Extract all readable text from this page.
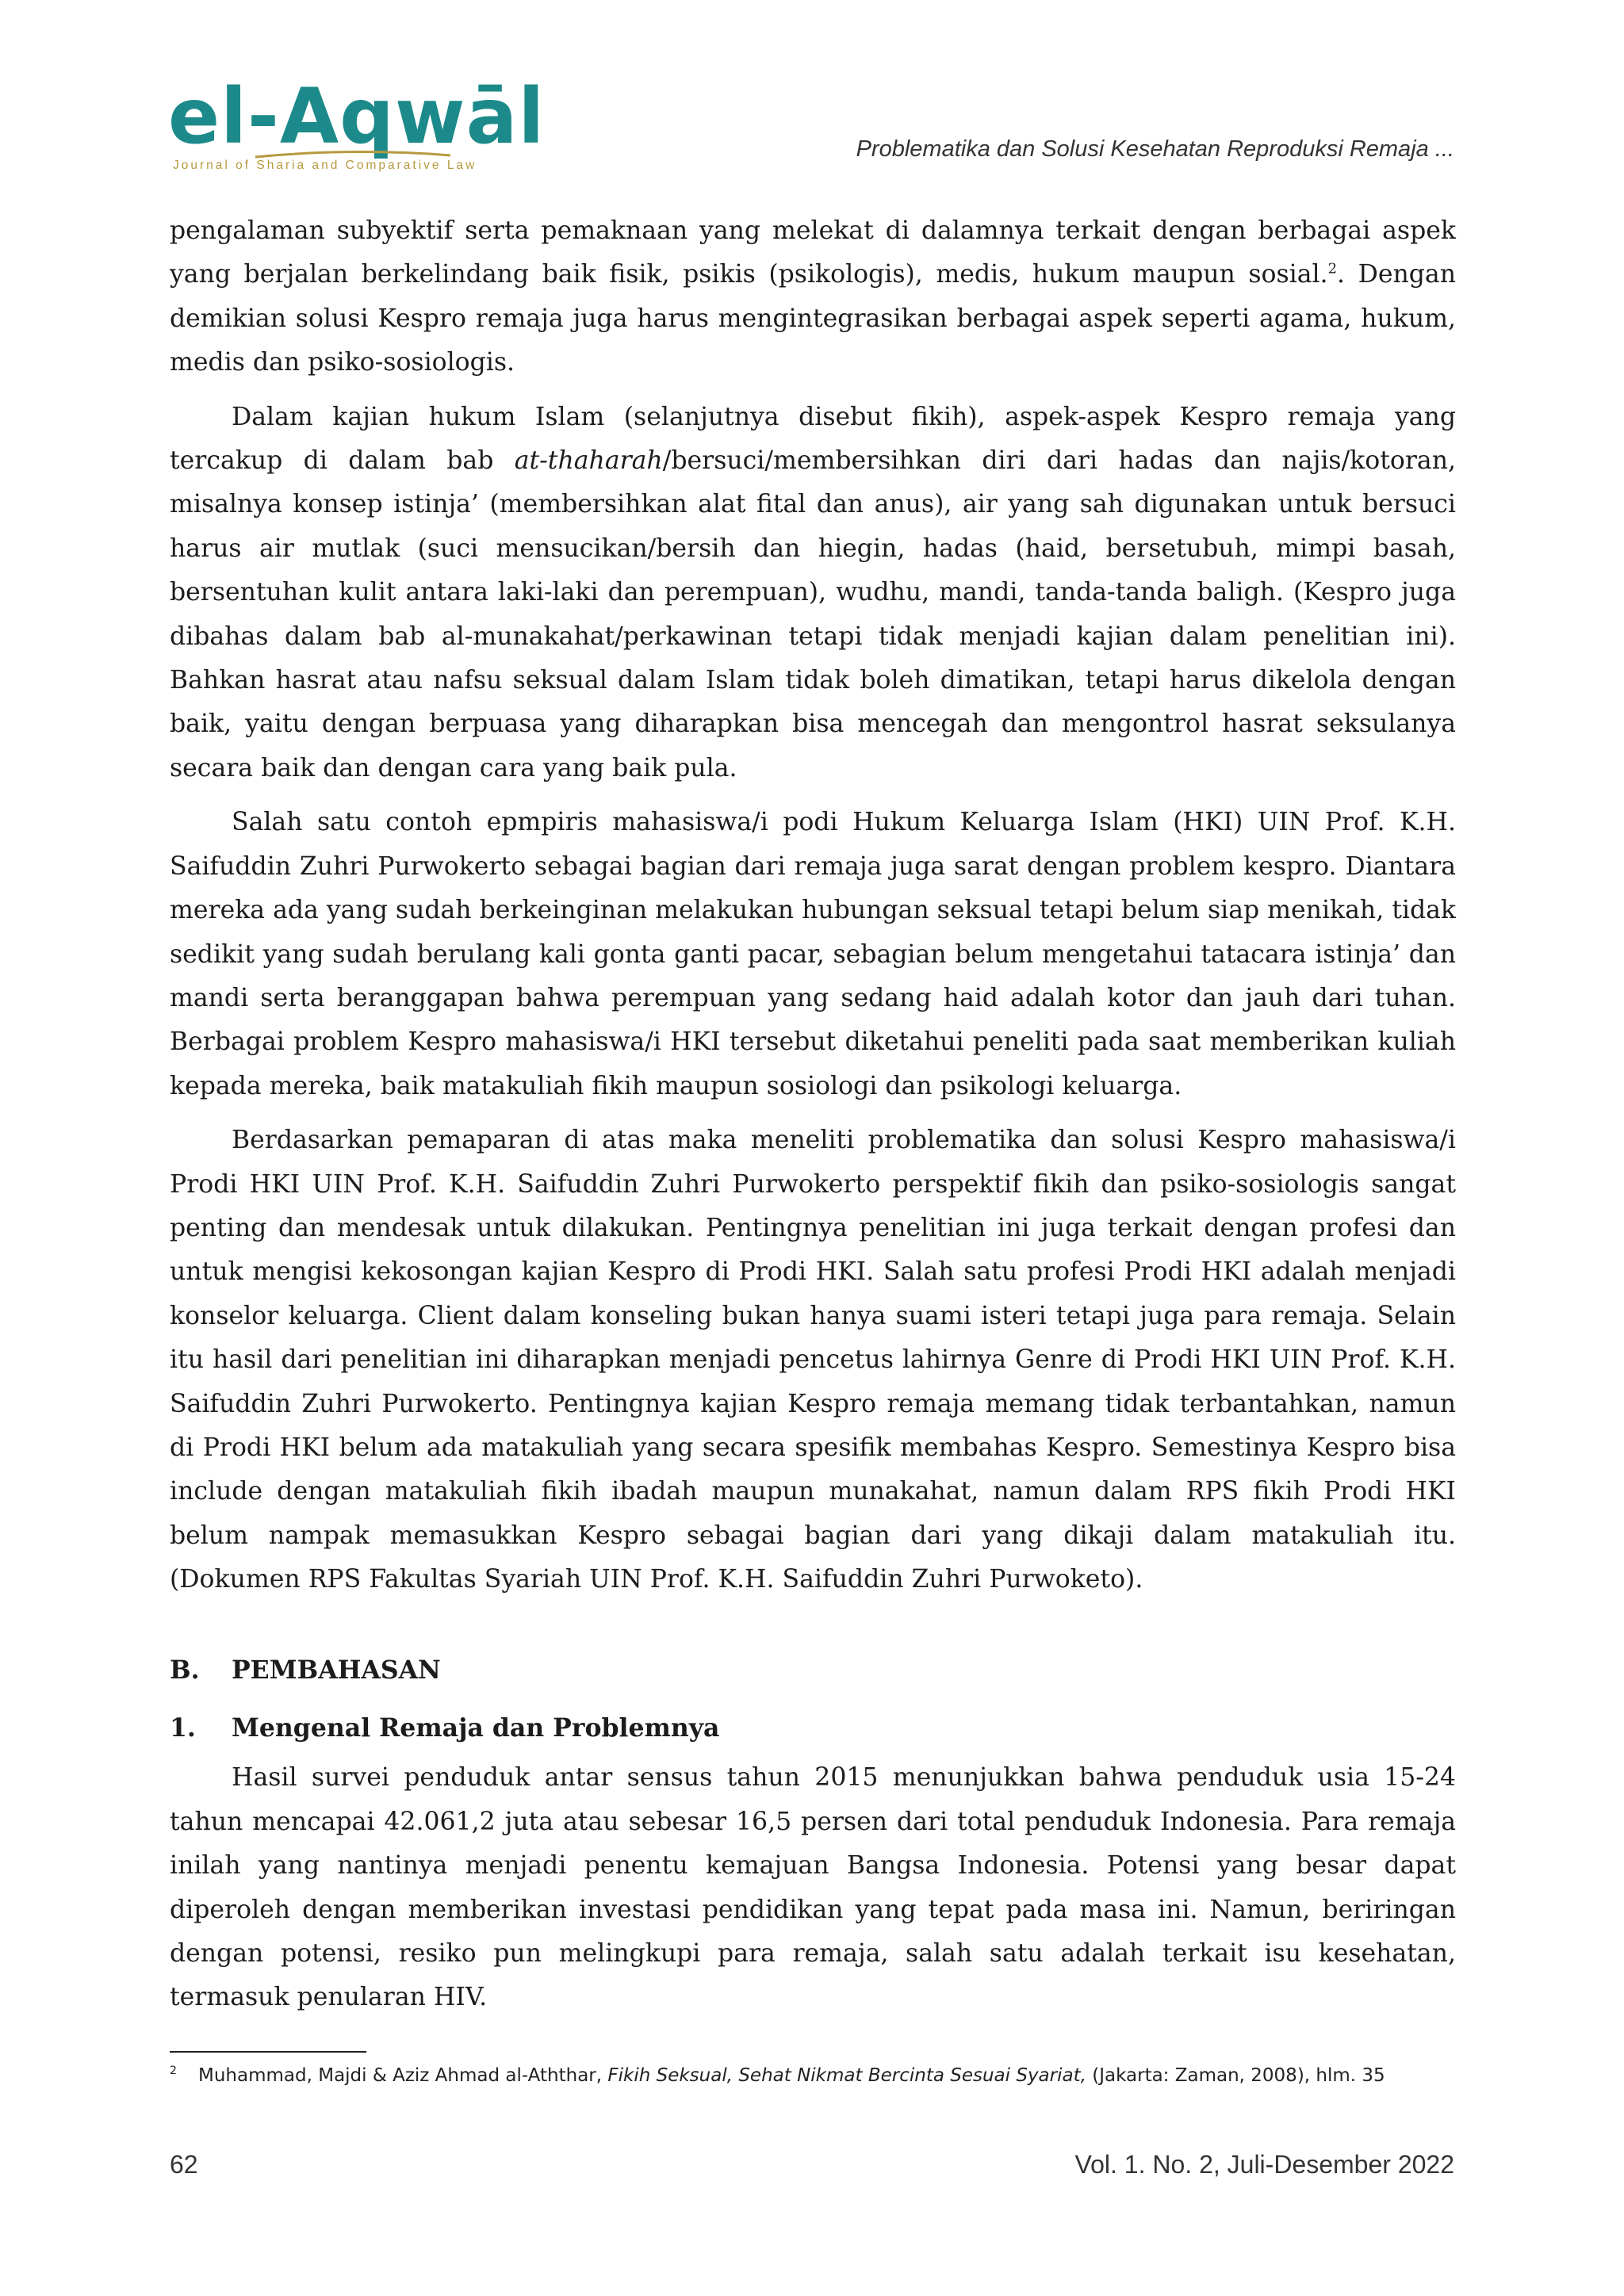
el-Aqwāl
Journal of Sharia and Comparative Law
Problematika dan Solusi Kesehatan Reproduksi Remaja ...

pengalaman subyektif serta pemaknaan yang melekat di dalamnya terkait dengan berbagai aspek yang berjalan berkelindang baik fisik, psikis (psikologis), medis, hukum maupun sosial.$^2$. Dengan demikian solusi Kespro remaja juga harus mengintegrasikan berbagai aspek seperti agama, hukum, medis dan psiko-sosiologis.

Dalam kajian hukum Islam (selanjutnya disebut fikih), aspek-aspek Kespro remaja yang tercakup di dalam bab at-thaharah/bersuci/membersihkan diri dari hadas dan najis/kotoran, misalnya konsep istinja’ (membersihkan alat fital dan anus), air yang sah digunakan untuk bersuci harus air mutlak (suci mensucikan/bersih dan hiegin, hadas (haid, bersetubuh, mimpi basah, bersentuhan kulit antara laki-laki dan perempuan), wudhu, mandi, tanda-tanda baligh. (Kespro juga dibahas dalam bab al-munakahat/perkawinan tetapi tidak menjadi kajian dalam penelitian ini). Bahkan hasrat atau nafsu seksual dalam Islam tidak boleh dimatikan, tetapi harus dikelola dengan baik, yaitu dengan berpuasa yang diharapkan bisa mencegah dan mengontrol hasrat seksulanya secara baik dan dengan cara yang baik pula.

Salah satu contoh epmpiris mahasiswa/i podi Hukum Keluarga Islam (HKI) UIN Prof. K.H. Saifuddin Zuhri Purwokerto sebagai bagian dari remaja juga sarat dengan problem kespro. Diantara mereka ada yang sudah berkeinginan melakukan hubungan seksual tetapi belum siap menikah, tidak sedikit yang sudah berulang kali gonta ganti pacar, sebagian belum mengetahui tatacara istinja’ dan mandi serta beranggapan bahwa perempuan yang sedang haid adalah kotor dan jauh dari tuhan. Berbagai problem Kespro mahasiswa/i HKI tersebut diketahui peneliti pada saat memberikan kuliah kepada mereka, baik matakuliah fikih maupun sosiologi dan psikologi keluarga.

Berdasarkan pemaparan di atas maka meneliti problematika dan solusi Kespro mahasiswa/i Prodi HKI UIN Prof. K.H. Saifuddin Zuhri Purwokerto perspektif fikih dan psiko-sosiologis sangat penting dan mendesak untuk dilakukan. Pentingnya penelitian ini juga terkait dengan profesi dan untuk mengisi kekosongan kajian Kespro di Prodi HKI. Salah satu profesi Prodi HKI adalah menjadi konselor keluarga. Client dalam konseling bukan hanya suami isteri tetapi juga para remaja. Selain itu hasil dari penelitian ini diharapkan menjadi pencetus lahirnya Genre di Prodi HKI UIN Prof. K.H. Saifuddin Zuhri Purwokerto. Pentingnya kajian Kespro remaja memang tidak terbantahkan, namun di Prodi HKI belum ada matakuliah yang secara spesifik membahas Kespro. Semestinya Kespro bisa include dengan matakuliah fikih ibadah maupun munakahat, namun dalam RPS fikih Prodi HKI belum nampak memasukkan Kespro sebagai bagian dari yang dikaji dalam matakuliah itu. (Dokumen RPS Fakultas Syariah UIN Prof. K.H. Saifuddin Zuhri Purwoketo).

B.	PEMBAHASAN
1.	Mengenal Remaja dan Problemnya

Hasil survei penduduk antar sensus tahun 2015 menunjukkan bahwa penduduk usia 15-24 tahun mencapai 42.061,2 juta atau sebesar 16,5 persen dari total penduduk Indonesia. Para remaja inilah yang nantinya menjadi penentu kemajuan Bangsa Indonesia. Potensi yang besar dapat diperoleh dengan memberikan investasi pendidikan yang tepat pada masa ini. Namun, beriringan dengan potensi, resiko pun melingkupi para remaja, salah satu adalah terkait isu kesehatan, termasuk penularan HIV.

2 Muhammad, Majdi & Aziz Ahmad al-Aththar, Fikih Seksual, Sehat Nikmat Bercinta Sesuai Syariat, (Jakarta: Zaman, 2008), hlm. 35
62	Vol. 1. No. 2, Juli-Desember 2022
